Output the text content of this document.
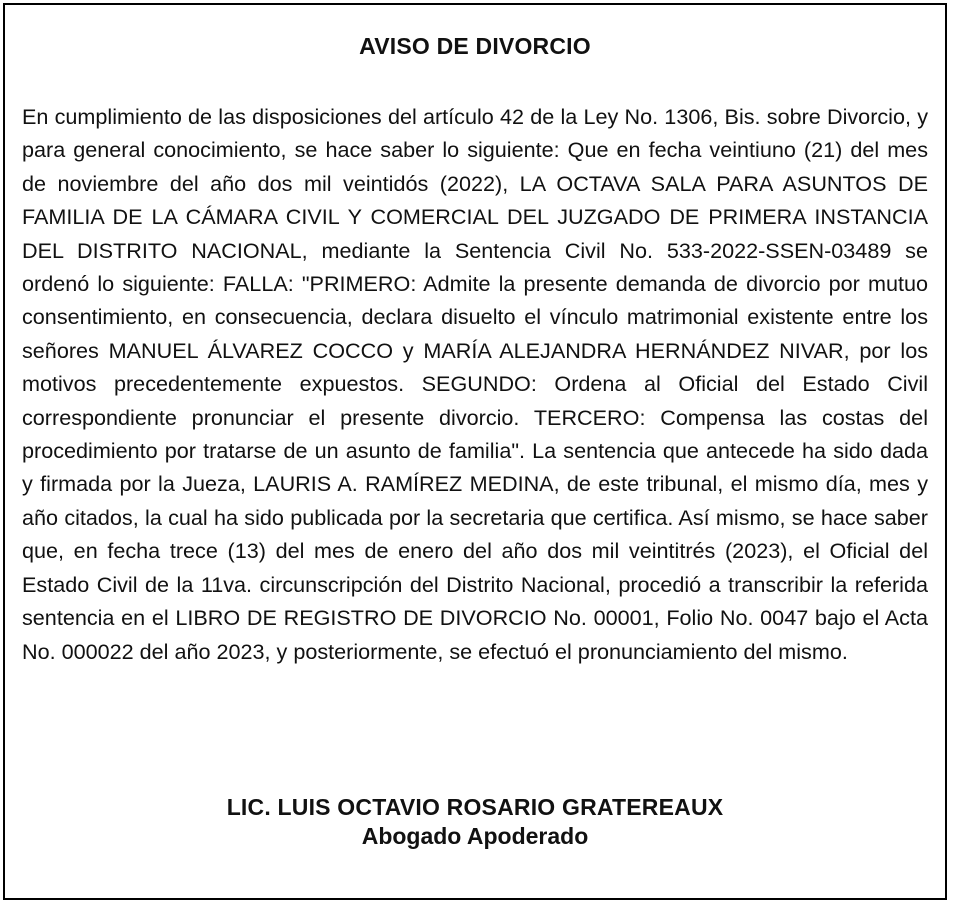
AVISO DE DIVORCIO

En cumplimiento de las disposiciones del artículo 42 de la Ley No. 1306, Bis. sobre Divorcio, y para general conocimiento, se hace saber lo siguiente: Que en fecha veintiuno (21) del mes de noviembre del año dos mil veintidós (2022), LA OCTAVA SALA PARA ASUNTOS DE FAMILIA DE LA CÁMARA CIVIL Y COMERCIAL DEL JUZGADO DE PRIMERA INSTANCIA DEL DISTRITO NACIONAL, mediante la Sentencia Civil No. 533-2022-SSEN-03489 se ordenó lo siguiente: FALLA: "PRIMERO: Admite la presente demanda de divorcio por mutuo consentimiento, en consecuencia, declara disuelto el vínculo matrimonial existente entre los señores MANUEL ÁLVAREZ COCCO y MARÍA ALEJANDRA HERNÁNDEZ NIVAR, por los motivos precedentemente expuestos. SEGUNDO: Ordena al Oficial del Estado Civil correspondiente pronunciar el presente divorcio. TERCERO: Compensa las costas del procedimiento por tratarse de un asunto de familia". La sentencia que antecede ha sido dada y firmada por la Jueza, LAURIS A. RAMÍREZ MEDINA, de este tribunal, el mismo día, mes y año citados, la cual ha sido publicada por la secretaria que certifica. Así mismo, se hace saber que, en fecha trece (13) del mes de enero del año dos mil veintitrés (2023), el Oficial del Estado Civil de la 11va. circunscripción del Distrito Nacional, procedió a transcribir la referida sentencia en el LIBRO DE REGISTRO DE DIVORCIO No. 00001, Folio No. 0047 bajo el Acta No. 000022 del año 2023, y posteriormente, se efectuó el pronunciamiento del mismo.

LIC. LUIS OCTAVIO ROSARIO GRATEREAUX
Abogado Apoderado
